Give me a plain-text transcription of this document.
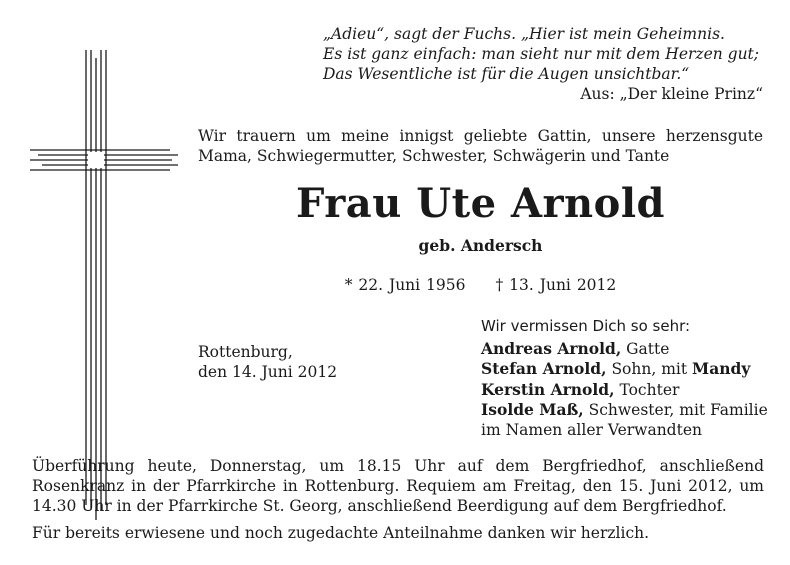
„Adieu“, sagt der Fuchs. „Hier ist mein Geheimnis.
Es ist ganz einfach: man sieht nur mit dem Herzen gut;
Das Wesentliche ist für die Augen unsichtbar.“
Aus: „Der kleine Prinz“
Wir trauern um meine innigst geliebte Gattin, unsere herzensgute Mama, Schwiegermutter, Schwester, Schwägerin und Tante
Frau Ute Arnold
geb. Andersch
* 22. Juni 1956 † 13. Juni 2012
Rottenburg,
den 14. Juni 2012
Wir vermissen Dich so sehr:
Andreas Arnold, Gatte
Stefan Arnold, Sohn, mit Mandy
Kerstin Arnold, Tochter
Isolde Maß, Schwester, mit Familie
im Namen aller Verwandten
Überführung heute, Donnerstag, um 18.15 Uhr auf dem Bergfriedhof, anschließend Rosenkranz in der Pfarrkirche in Rottenburg. Requiem am Freitag, den 15. Juni 2012, um 14.30 Uhr in der Pfarrkirche St. Georg, anschließend Beerdigung auf dem Bergfriedhof.
Für bereits erwiesene und noch zugedachte Anteilnahme danken wir herzlich.
